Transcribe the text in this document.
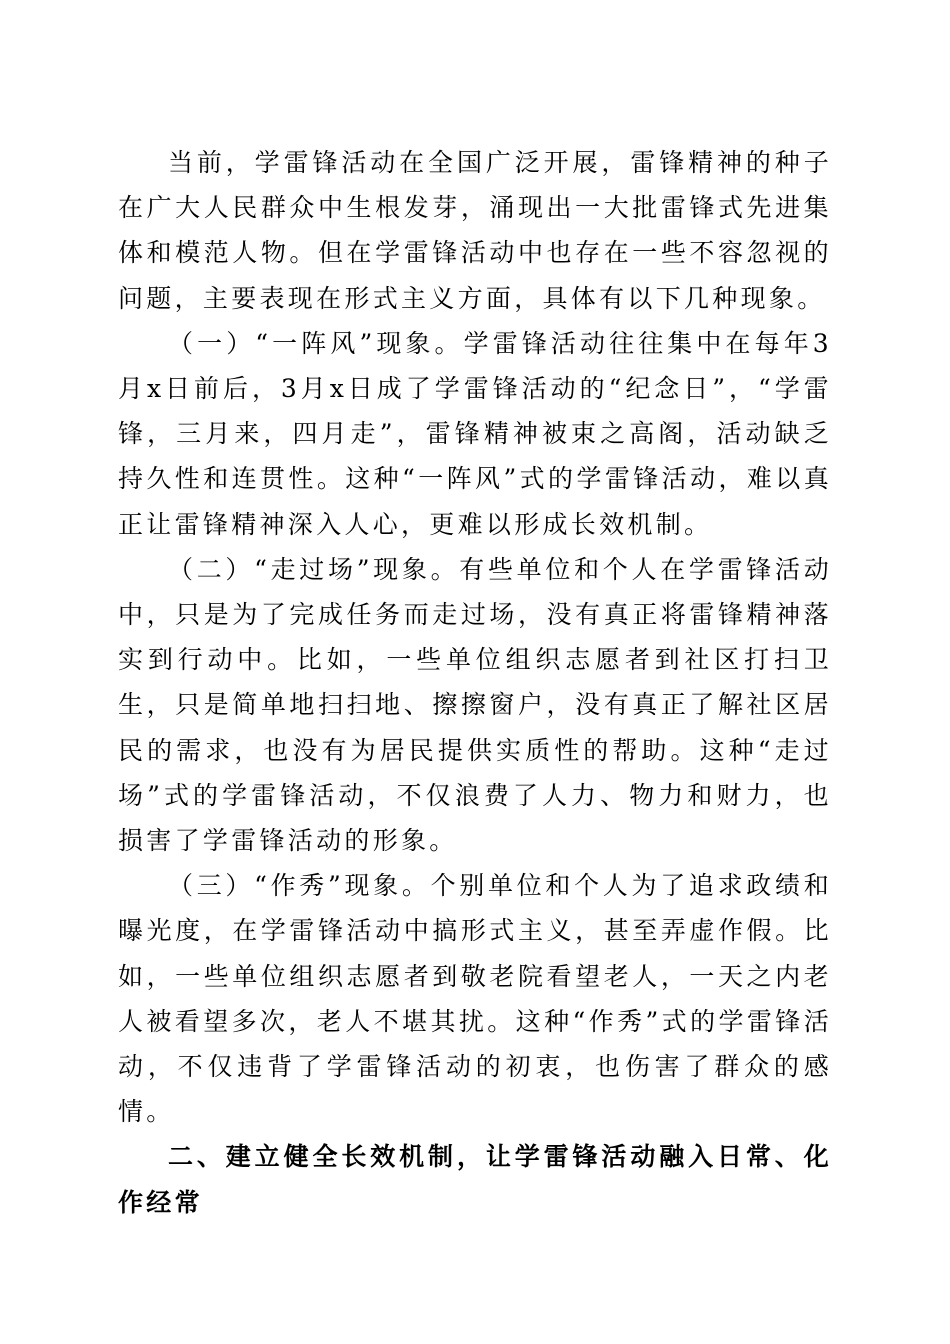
当前，学雷锋活动在全国广泛开展，雷锋精神的种子在广大人民群众中生根发芽，涌现出一大批雷锋式先进集体和模范人物。但在学雷锋活动中也存在一些不容忽视的问题，主要表现在形式主义方面，具体有以下几种现象。

（一）“一阵风”现象。学雷锋活动往往集中在每年3月x日前后，3月x日成了学雷锋活动的“纪念日”，“学雷锋，三月来，四月走”，雷锋精神被束之高阁，活动缺乏持久性和连贯性。这种“一阵风”式的学雷锋活动，难以真正让雷锋精神深入人心，更难以形成长效机制。

（二）“走过场”现象。有些单位和个人在学雷锋活动中，只是为了完成任务而走过场，没有真正将雷锋精神落实到行动中。比如，一些单位组织志愿者到社区打扫卫生，只是简单地扫扫地、擦擦窗户，没有真正了解社区居民的需求，也没有为居民提供实质性的帮助。这种“走过场”式的学雷锋活动，不仅浪费了人力、物力和财力，也损害了学雷锋活动的形象。

（三）“作秀”现象。个别单位和个人为了追求政绩和曝光度，在学雷锋活动中搞形式主义，甚至弄虚作假。比如，一些单位组织志愿者到敬老院看望老人，一天之内老人被看望多次，老人不堪其扰。这种“作秀”式的学雷锋活动，不仅违背了学雷锋活动的初衷，也伤害了群众的感情。

二、建立健全长效机制，让学雷锋活动融入日常、化作经常
